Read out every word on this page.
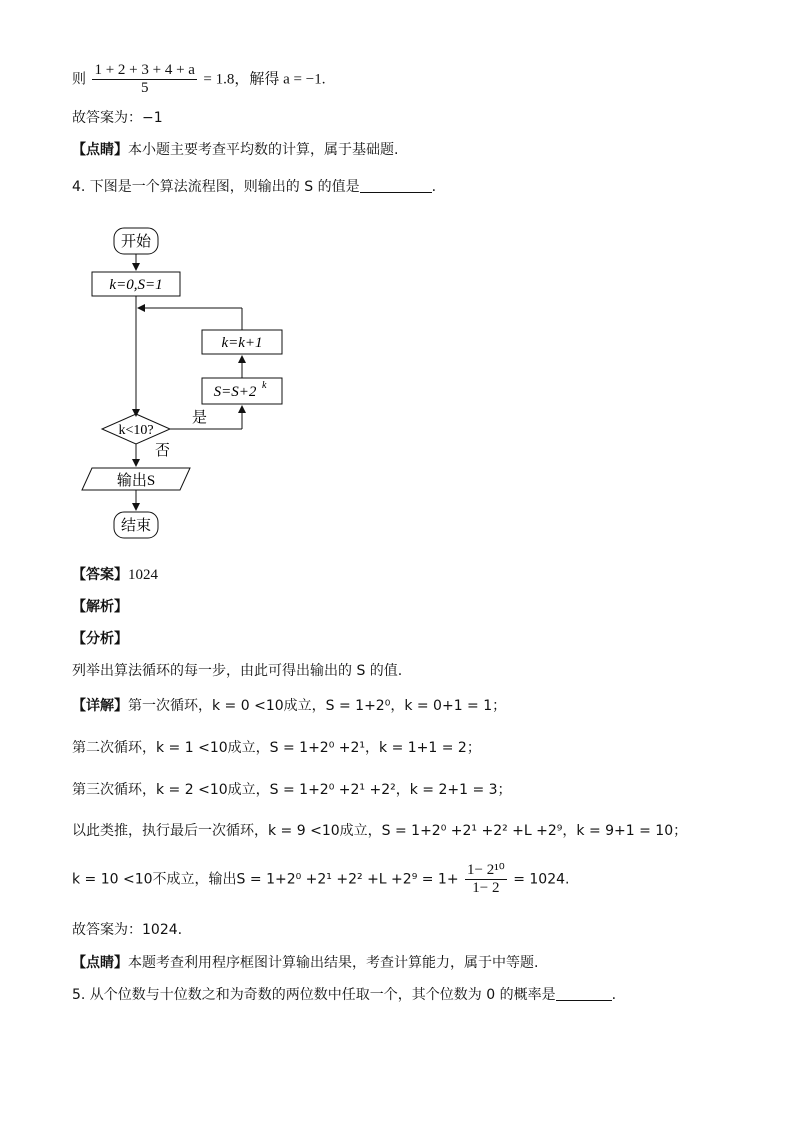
则 $\frac{1 + 2 + 3 + 4 + a}{5} = 1.8$，解得 a = −1.
故答案为：−1
【点睛】本小题主要考查平均数的计算，属于基础题.
4. 下图是一个算法流程图，则输出的 S 的值是	.
开始
k=0,S=1
k=k+1
S=S+2 k
k<10?
是
否
输出S
结束
【答案】1024
【解析】
【分析】
列举出算法循环的每一步，由此可得出输出的 S 的值.
【详解】第一次循环，k = 0 <10成立，S = 1+2⁰，k = 0+1 = 1；
第二次循环，k = 1 <10成立，S = 1+2⁰ +2¹，k = 1+1 = 2；
第三次循环，k = 2 <10成立，S = 1+2⁰ +2¹ +2²，k = 2+1 = 3；
以此类推，执行最后一次循环，k = 9 <10成立，S = 1+2⁰ +2¹ +2² +L +2⁹，k = 9+1 = 10；
k = 10 <10不成立，输出$S = 1+2^0 +2^1 +2^2 +L +2^9 = 1+ \frac{\text{1− 2¹⁰}}{1- 2} = 1024$.
故答案为：1024.
【点睛】本题考查利用程序框图计算输出结果，考查计算能力，属于中等题.
5. 从个位数与十位数之和为奇数的两位数中任取一个，其个位数为 0 的概率是	.
